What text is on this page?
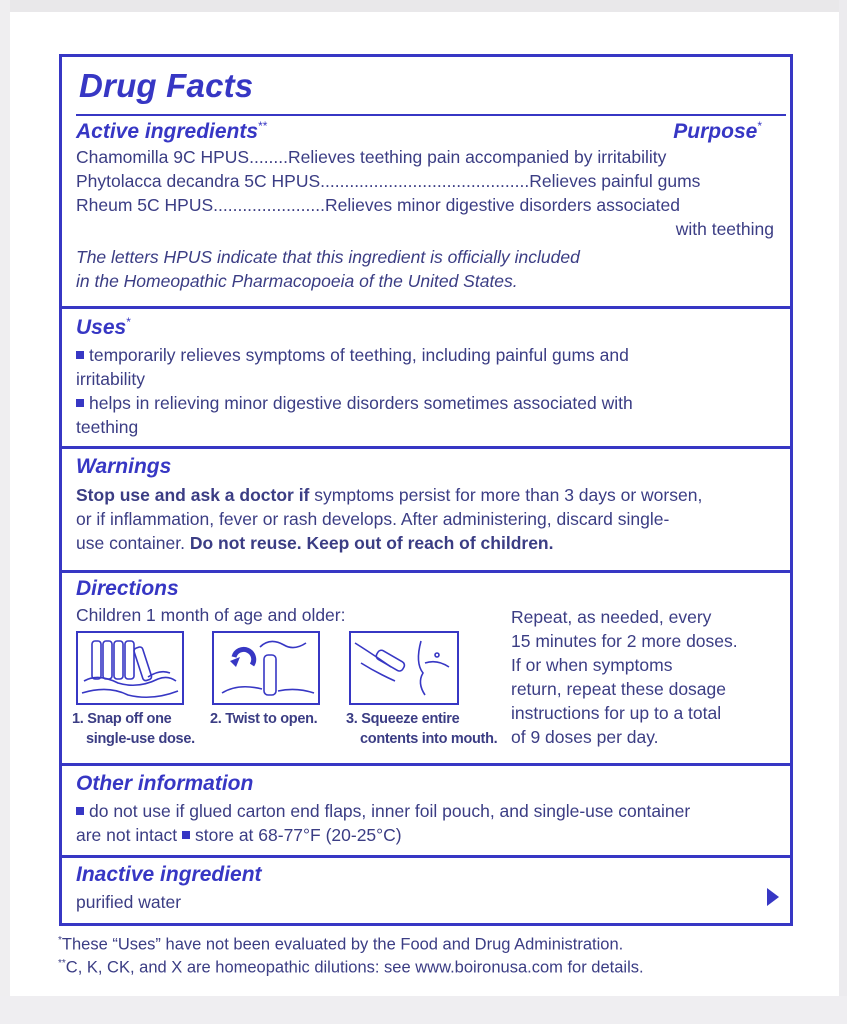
Drug Facts
Active ingredients**	Purpose*
Chamomilla 9C HPUS........Relieves teething pain accompanied by irritability
Phytolacca decandra 5C HPUS...........................................Relieves painful gums
Rheum 5C HPUS.......................Relieves minor digestive disorders associated
with teething
The letters HPUS indicate that this ingredient is officially included
in the Homeopathic Pharmacopoeia of the United States.
Uses*
temporarily relieves symptoms of teething, including painful gums and
irritability
helps in relieving minor digestive disorders sometimes associated with
teething
Warnings
Stop use and ask a doctor if symptoms persist for more than 3 days or worsen,
or if inflammation, fever or rash develops. After administering, discard single-
use container. Do not reuse. Keep out of reach of children.
Directions
Children 1 month of age and older:
1. Snap off one
single-use dose.
2. Twist to open. 3. Squeeze entire
contents into mouth.
Repeat, as needed, every
15 minutes for 2 more doses.
If or when symptoms
return, repeat these dosage
instructions for up to a total
of 9 doses per day.
Other information
do not use if glued carton end flaps, inner foil pouch, and single-use container
are not intact store at 68-77°F (20-25°C)
Inactive ingredient
purified water
*These “Uses” have not been evaluated by the Food and Drug Administration.
**C, K, CK, and X are homeopathic dilutions: see www.boironusa.com for details.
